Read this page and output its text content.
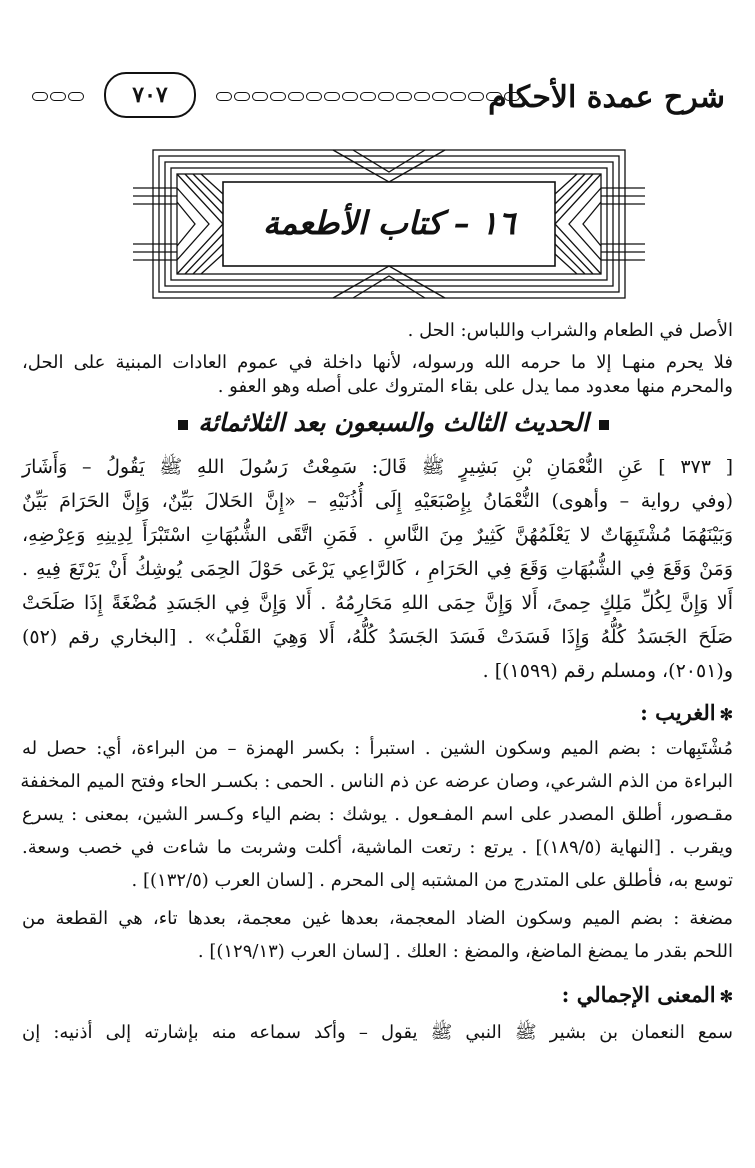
٧٠٧	شرح عمدة الأحكام
١٦ – كتاب الأطعمة
الأصل في الطعام والشراب واللباس: الحل .
فلا يحرم منهـا إلا ما حرمه الله ورسوله، لأنها داخلة في عموم العادات المبنية على الحل،
والمحرم منها معدود مما يدل على بقاء المتروك على أصله وهو العفو .
الحديث الثالث والسبعون بعد الثلاثمائة
[ ٣٧٣ ] عَنِ النُّعْمَانِ بْنِ بَشِيرٍ ﷺ قَالَ: سَمِعْتُ رَسُولَ اللهِ ﷺ يَقُولُ – وَأَشَارَ
(وفي رواية – وأهوى) النُّعْمَانُ بِإِصْبَعَيْهِ إِلَى أُذُنَيْهِ – «إِنَّ الحَلالَ بَيِّنٌ، وَإِنَّ الحَرَامَ بَيِّنٌ
وَبَيْنَهُمَا مُشْتَبِهَاتٌ لا يَعْلَمُهُنَّ كَثِيرٌ مِنَ النَّاسِ . فَمَنِ اتَّقَى الشُّبُهَاتِ اسْتَبْرَأَ لِدِينِهِ وَعِرْضِهِ،
وَمَنْ وَقَعَ فِي الشُّبُهَاتِ وَقَعَ فِي الحَرَامِ ، كَالرَّاعِي يَرْعَى حَوْلَ الحِمَى يُوشِكُ أَنْ يَرْتَعَ فِيهِ .
أَلا وَإِنَّ لِكُلِّ مَلِكٍ حِمىً، أَلا وَإِنَّ حِمَى اللهِ مَحَارِمُهُ . أَلا وَإِنَّ فِي الجَسَدِ مُضْغَةً إِذَا صَلَحَتْ
صَلَحَ الجَسَدُ كُلُّهُ وَإِذَا فَسَدَتْ فَسَدَ الجَسَدُ كُلُّهُ، أَلا وَهِيَ القَلْبُ» . [البخاري رقم (٥٢)
و(٢٠٥١)، ومسلم رقم (١٥٩٩)] .
✻الغريب :
مُشْتَبِهات : بضم الميم وسكون الشين . استبرأ : بكسر الهمزة – من البراءة، أي: حصل له
البراءة من الذم الشرعي، وصان عرضه عن ذم الناس . الحمى : بكسـر الحاء وفتح الميم المخففة
مقـصور، أطلق المصدر على اسم المفـعول . يوشك : بضم الياء وكـسر الشين، بمعنى : يسرع
ويقرب . [النهاية (١٨٩/٥)] . يرتع : رتعت الماشية، أكلت وشربت ما شاءت في خصب وسعة.
توسع به، فأطلق على المتدرج من المشتبه إلى المحرم . [لسان العرب (١٣٢/٥)] .
مضغة : بضم الميم وسكون الضاد المعجمة، بعدها غين معجمة، بعدها تاء، هي القطعة من
اللحم بقدر ما يمضغ الماضغ، والمضغ : العلك . [لسان العرب (١٢٩/١٣)] .
✻المعنى الإجمالي :
سمع النعمان بن بشير ﷺ النبي ﷺ يقول – وأكد سماعه منه بإشارته إلى أذنيه: إن
